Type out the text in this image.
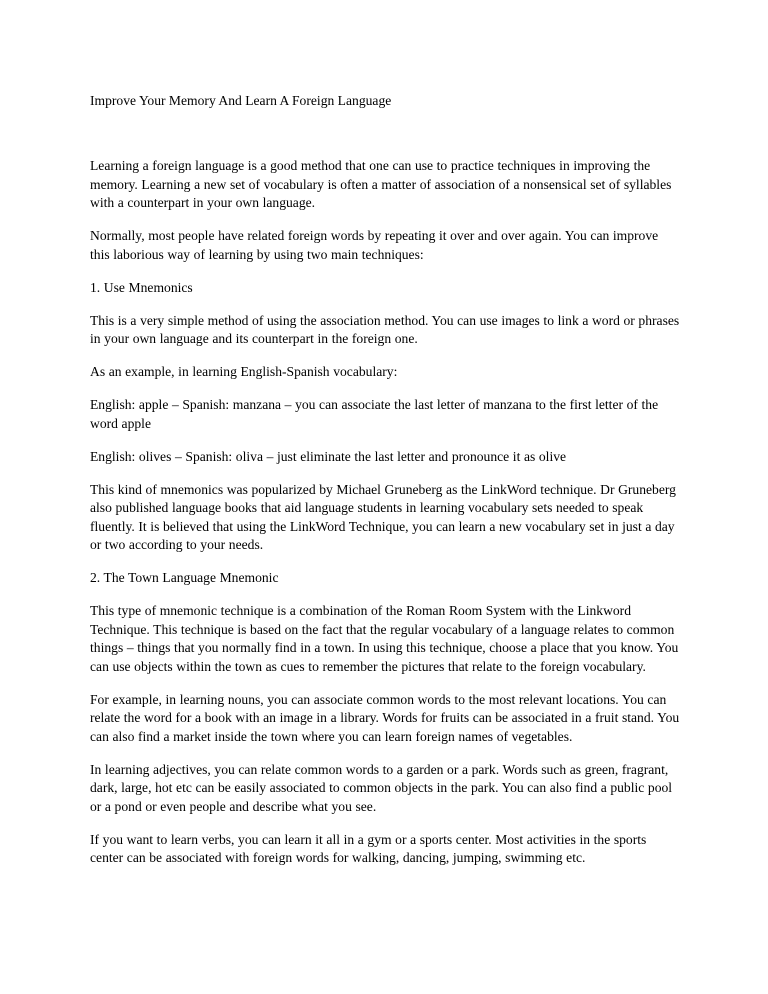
Improve Your Memory And Learn A Foreign Language

Learning a foreign language is a good method that one can use to practice techniques in improving the memory. Learning a new set of vocabulary is often a matter of association of a nonsensical set of syllables with a counterpart in your own language.

Normally, most people have related foreign words by repeating it over and over again. You can improve this laborious way of learning by using two main techniques:

1. Use Mnemonics

This is a very simple method of using the association method. You can use images to link a word or phrases in your own language and its counterpart in the foreign one.

As an example, in learning English-Spanish vocabulary:

English: apple – Spanish: manzana – you can associate the last letter of manzana to the first letter of the word apple

English: olives – Spanish: oliva – just eliminate the last letter and pronounce it as olive

This kind of mnemonics was popularized by Michael Gruneberg as the LinkWord technique. Dr Gruneberg also published language books that aid language students in learning vocabulary sets needed to speak fluently. It is believed that using the LinkWord Technique, you can learn a new vocabulary set in just a day or two according to your needs.

2. The Town Language Mnemonic

This type of mnemonic technique is a combination of the Roman Room System with the Linkword Technique. This technique is based on the fact that the regular vocabulary of a language relates to common things – things that you normally find in a town. In using this technique, choose a place that you know. You can use objects within the town as cues to remember the pictures that relate to the foreign vocabulary.

For example, in learning nouns, you can associate common words to the most relevant locations. You can relate the word for a book with an image in a library. Words for fruits can be associated in a fruit stand. You can also find a market inside the town where you can learn foreign names of vegetables.

In learning adjectives, you can relate common words to a garden or a park. Words such as green, fragrant, dark, large, hot etc can be easily associated to common objects in the park. You can also find a public pool or a pond or even people and describe what you see.

If you want to learn verbs, you can learn it all in a gym or a sports center. Most activities in the sports center can be associated with foreign words for walking, dancing, jumping, swimming etc.
